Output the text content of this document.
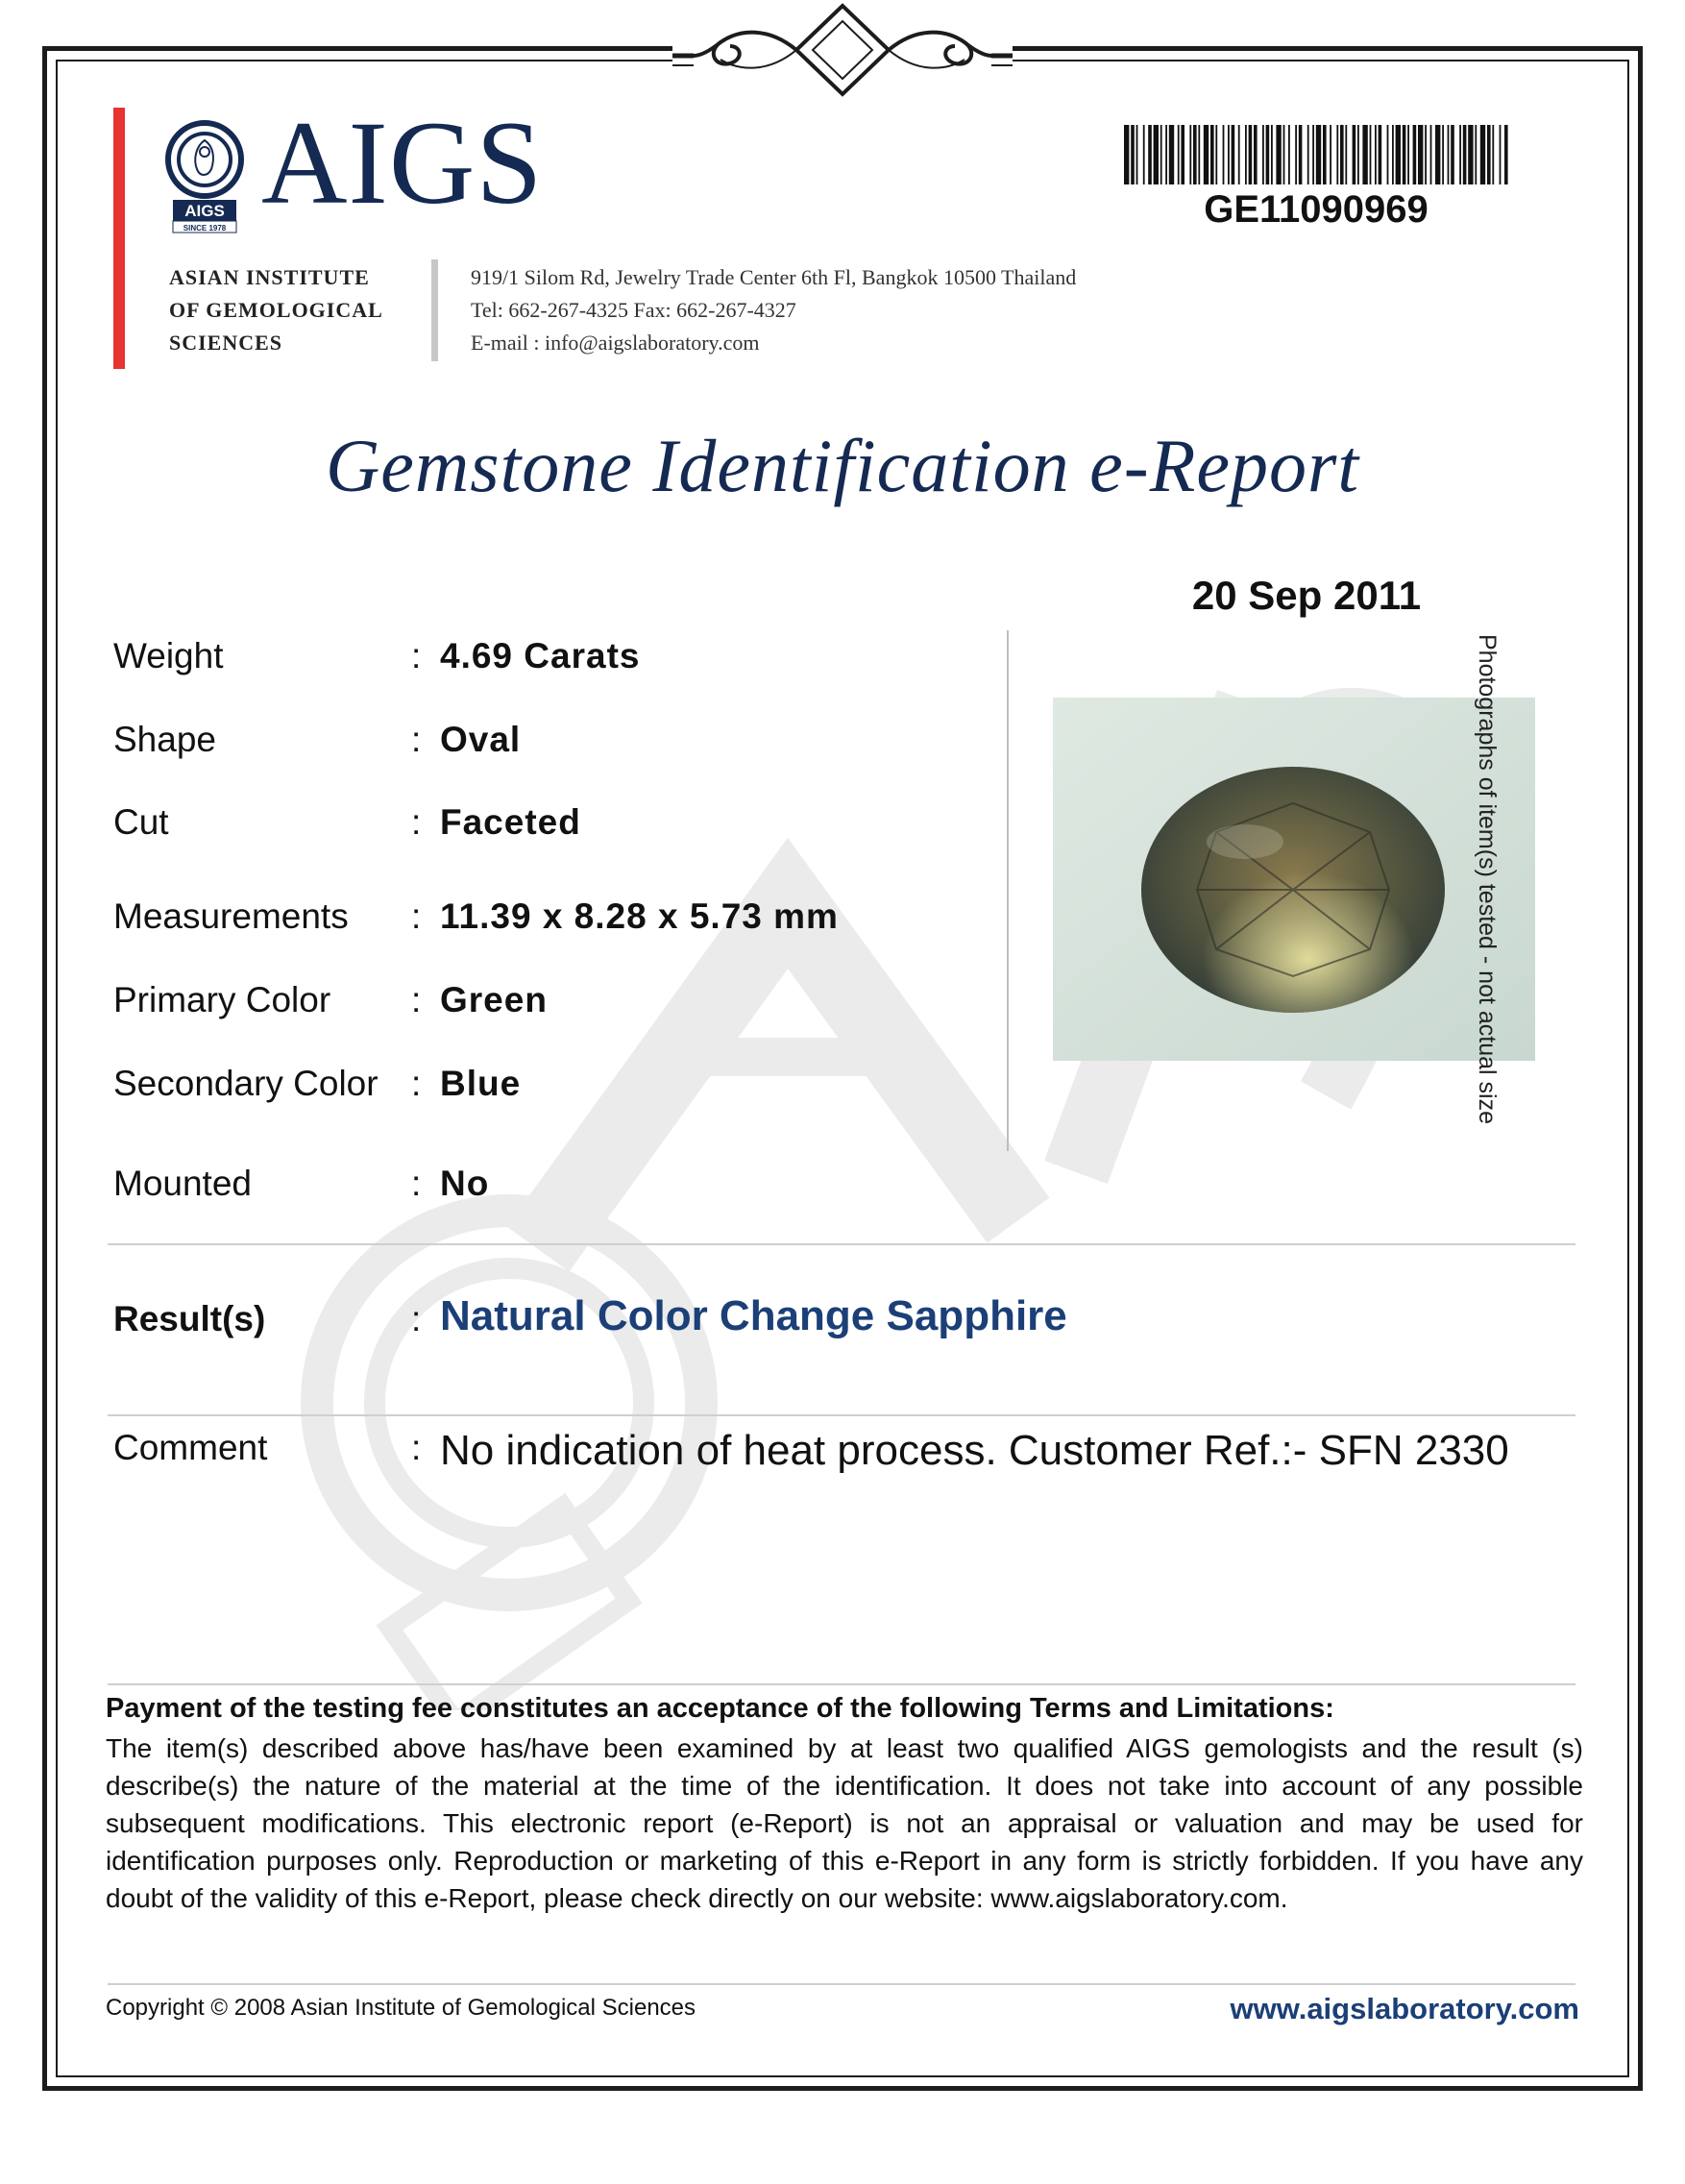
AIGS
SINCE 1978 AIGS
ASIAN INSTITUTE
OF GEMOLOGICAL
SCIENCES
919/1 Silom Rd, Jewelry Trade Center 6th Fl, Bangkok 10500 Thailand
Tel: 662-267-4325 Fax: 662-267-4327
E-mail : info@aigslaboratory.com
GE11090969
Gemstone Identification e-Report
20 Sep 2011
Weight	: 4.69 Carats
Shape	: Oval
Cut	: Faceted
Measurements : 11.39 x 8.28 x 5.73 mm
Primary Color : Green
Secondary Color : Blue
Mounted	: No
Photographs of item(s) tested - not actual size
Result(s)	: Natural Color Change Sapphire
Comment	: No indication of heat process. Customer Ref.:- SFN 2330
Payment of the testing fee constitutes an acceptance of the following Terms and Limitations:
The item(s) described above has/have been examined by at least two qualified AIGS gemologists and the result (s) describe(s) the nature of the material at the time of the identification. It does not take into account of any possible subsequent modifications. This electronic report (e-Report) is not an appraisal or valuation and may be used for identification purposes only. Reproduction or marketing of this e-Report in any form is strictly forbidden. If you have any doubt of the validity of this e-Report, please check directly on our website: www.aigslaboratory.com.
Copyright © 2008 Asian Institute of Gemological Sciences	www.aigslaboratory.com
